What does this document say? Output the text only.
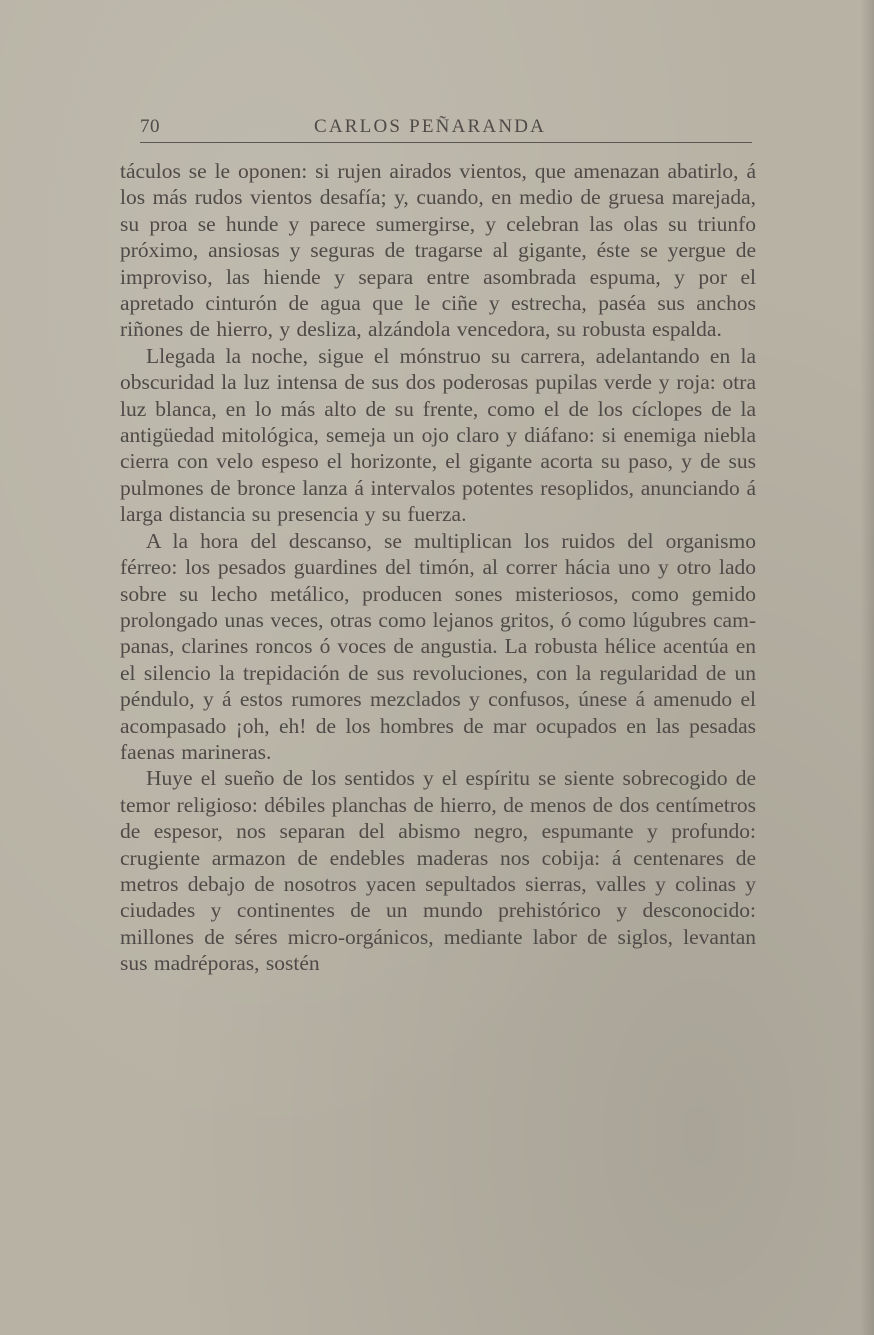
70	CARLOS PEÑARANDA

táculos se le oponen: si rujen airados vientos, que amenazan abatirlo, á los más rudos vientos desafía; y, cuando, en medio de gruesa marejada, su proa se hunde y parece sumergirse, y celebran las olas su triunfo próximo, ansiosas y seguras de tragarse al gigante, éste se yergue de improviso, las hiende y separa entre asombrada espuma, y por el apretado cinturón de agua que le ciñe y estrecha, paséa sus anchos riñones de hierro, y desliza, alzándola vencedora, su robusta espalda.

Llegada la noche, sigue el mónstruo su carrera, adelantando en la obscuridad la luz intensa de sus dos poderosas pupilas verde y roja: otra luz blanca, en lo más alto de su frente, como el de los cíclopes de la antigüedad mitológica, semeja un ojo claro y diáfano: si enemiga niebla cierra con velo espeso el horizonte, el gigante acorta su paso, y de sus pulmones de bronce lanza á intervalos potentes resoplidos, anunciando á larga distancia su presencia y su fuerza.

A la hora del descanso, se multiplican los ruidos del organismo férreo: los pesados guardines del timón, al correr hácia uno y otro lado sobre su lecho metálico, producen sones misteriosos, como gemido prolongado unas veces, otras como lejanos gritos, ó como lúgubres campanas, clarines roncos ó voces de angustia. La robusta hélice acentúa en el silencio la trepidación de sus revoluciones, con la regularidad de un péndulo, y á estos rumores mezclados y confusos, únese á amenudo el acompasado ¡oh, eh! de los hombres de mar ocupados en las pesadas faenas marineras.

Huye el sueño de los sentidos y el espíritu se siente sobrecogido de temor religioso: débiles planchas de hierro, de menos de dos centímetros de espesor, nos separan del abismo negro, espumante y profundo: crugiente armazon de endebles maderas nos cobija: á centenares de metros debajo de nosotros yacen sepultados sierras, valles y colinas y ciudades y continentes de un mundo prehistórico y desconocido: millones de séres micro-orgánicos, mediante labor de siglos, levantan sus madréporas, sostén
